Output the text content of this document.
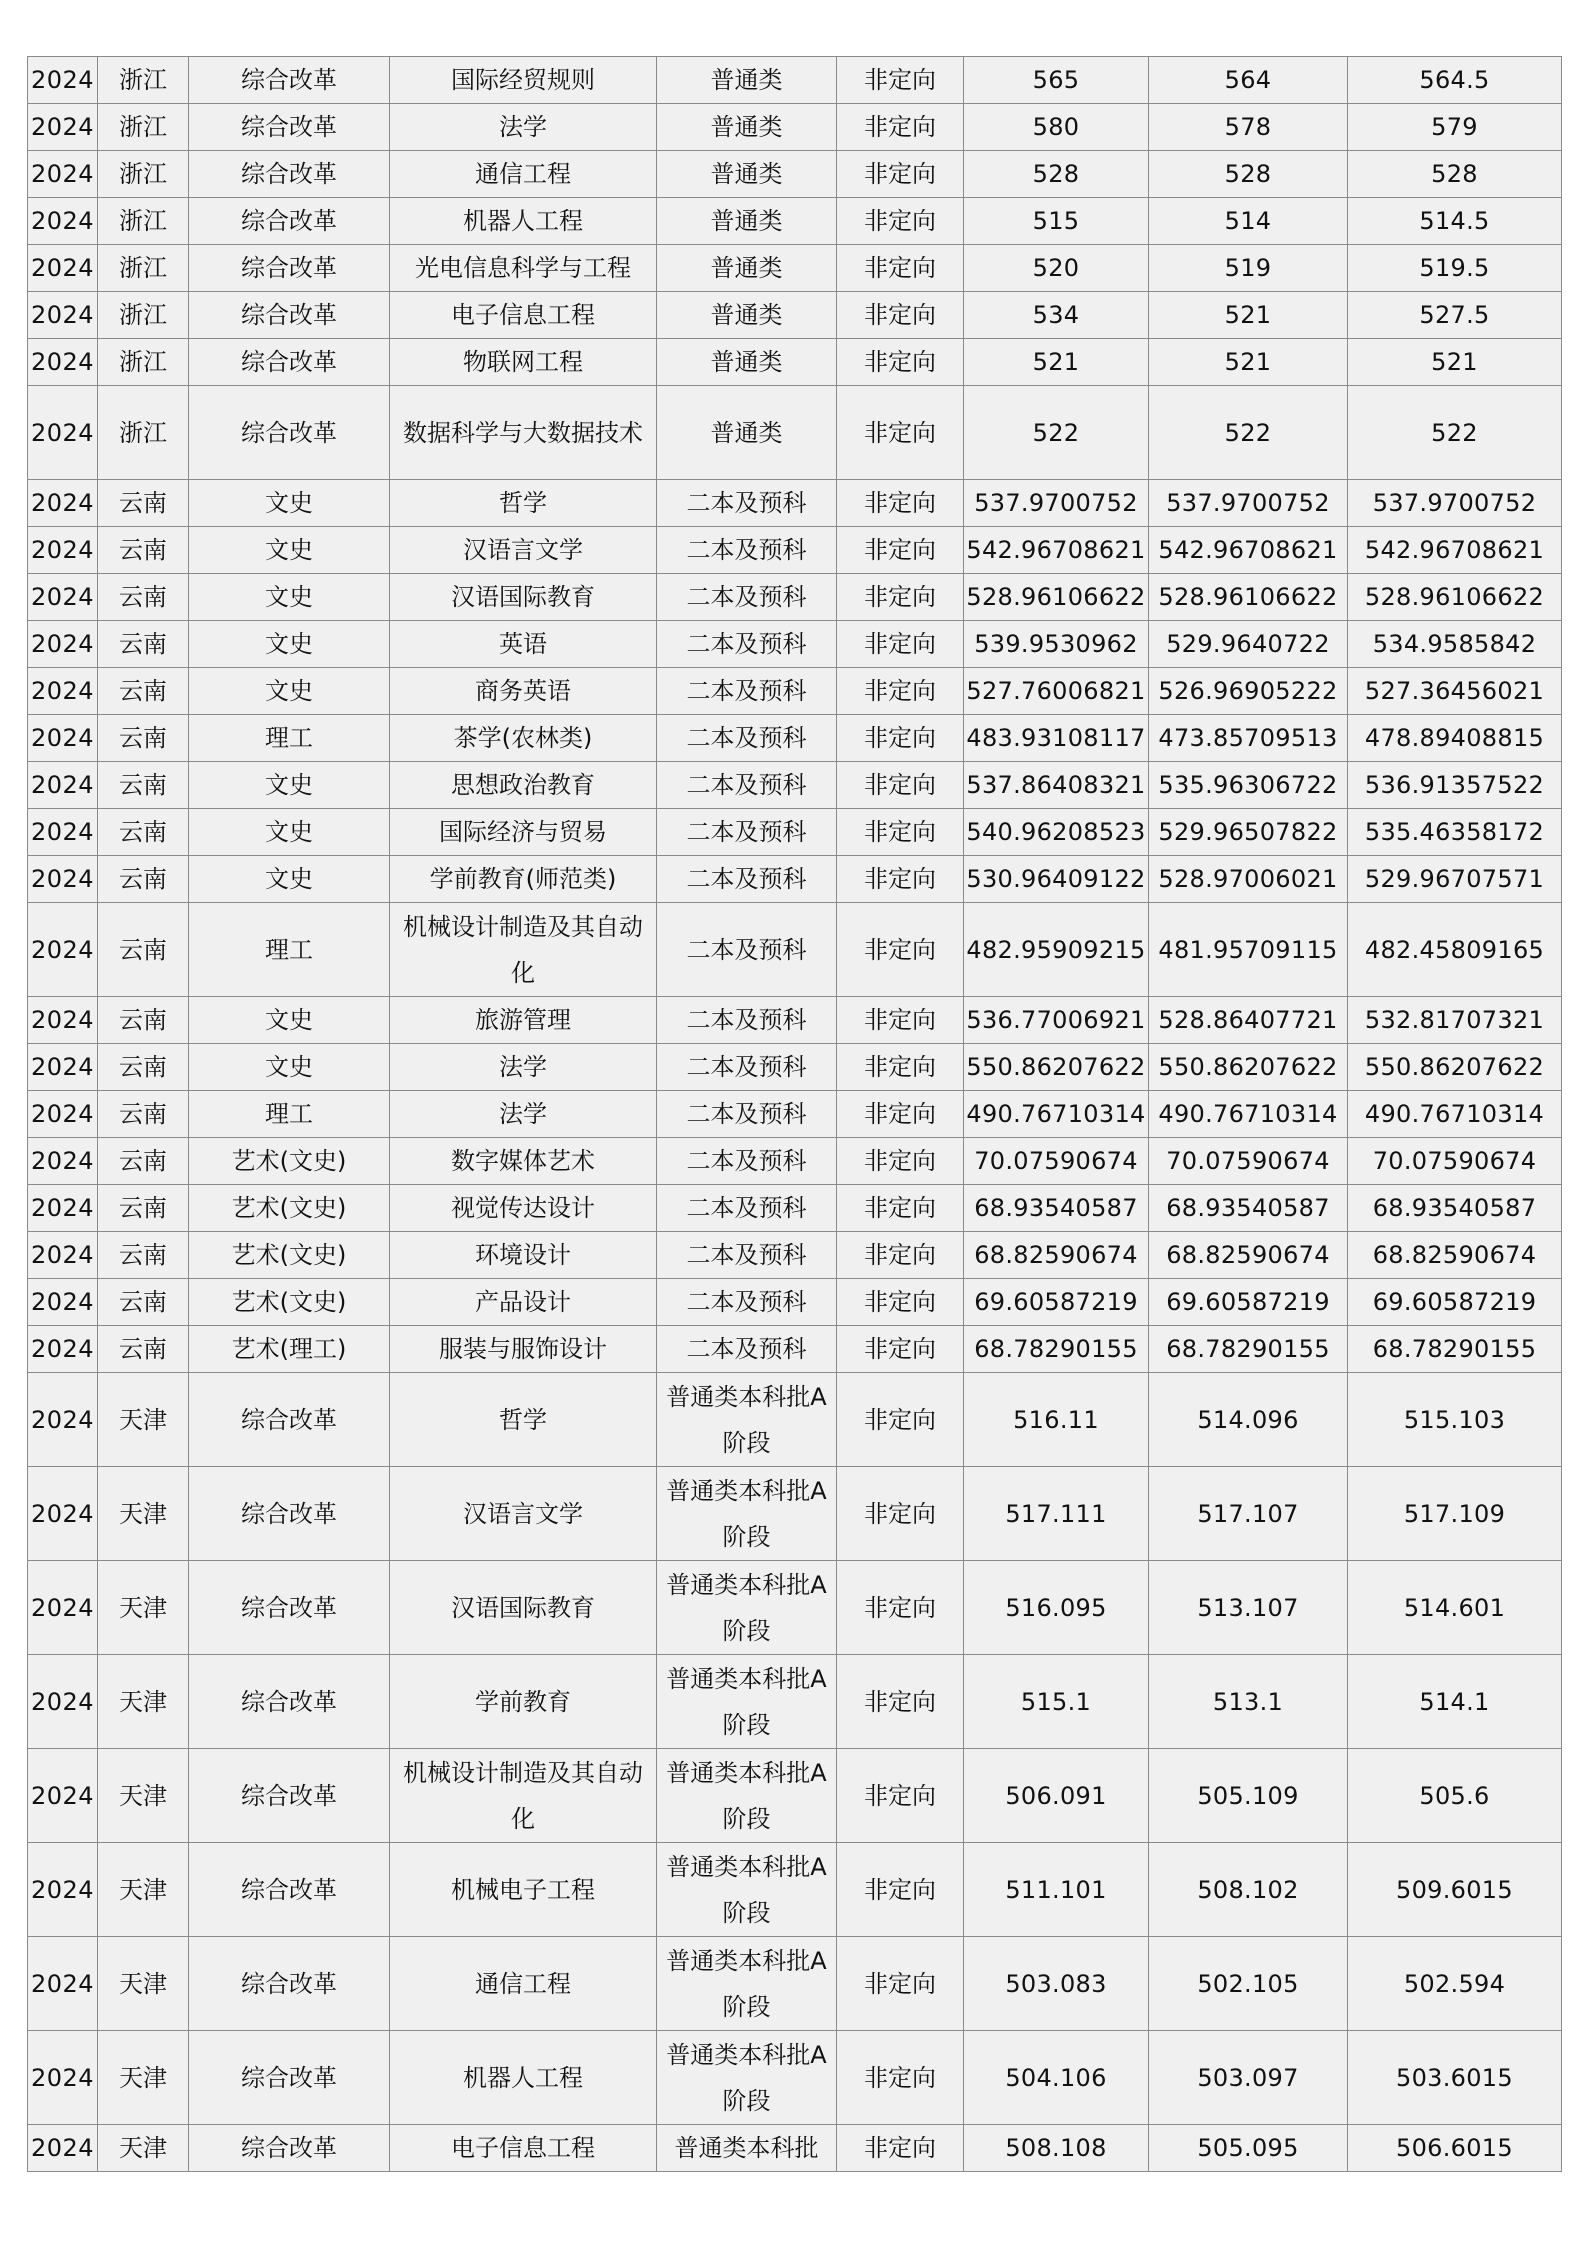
2024	浙江	综合改革	国际经贸规则	普通类	非定向	565	564	564.5
2024	浙江	综合改革	法学	普通类	非定向	580	578	579
2024	浙江	综合改革	通信工程	普通类	非定向	528	528	528
2024	浙江	综合改革	机器人工程	普通类	非定向	515	514	514.5
2024	浙江	综合改革	光电信息科学与工程	普通类	非定向	520	519	519.5
2024	浙江	综合改革	电子信息工程	普通类	非定向	534	521	527.5
2024	浙江	综合改革	物联网工程	普通类	非定向	521	521	521
2024	浙江	综合改革	数据科学与大数据技术	普通类	非定向	522	522	522
2024	云南	文史	哲学	二本及预科	非定向	537.9700752	537.9700752	537.9700752
2024	云南	文史	汉语言文学	二本及预科	非定向	542.96708621	542.96708621	542.96708621
2024	云南	文史	汉语国际教育	二本及预科	非定向	528.96106622	528.96106622	528.96106622
2024	云南	文史	英语	二本及预科	非定向	539.9530962	529.9640722	534.9585842
2024	云南	文史	商务英语	二本及预科	非定向	527.76006821	526.96905222	527.36456021
2024	云南	理工	茶学(农林类)	二本及预科	非定向	483.93108117	473.85709513	478.89408815
2024	云南	文史	思想政治教育	二本及预科	非定向	537.86408321	535.96306722	536.91357522
2024	云南	文史	国际经济与贸易	二本及预科	非定向	540.96208523	529.96507822	535.46358172
2024	云南	文史	学前教育(师范类)	二本及预科	非定向	530.96409122	528.97006021	529.96707571
2024	云南	理工	机械设计制造及其自动化	二本及预科	非定向	482.95909215	481.95709115	482.45809165
2024	云南	文史	旅游管理	二本及预科	非定向	536.77006921	528.86407721	532.81707321
2024	云南	文史	法学	二本及预科	非定向	550.86207622	550.86207622	550.86207622
2024	云南	理工	法学	二本及预科	非定向	490.76710314	490.76710314	490.76710314
2024	云南	艺术(文史)	数字媒体艺术	二本及预科	非定向	70.07590674	70.07590674	70.07590674
2024	云南	艺术(文史)	视觉传达设计	二本及预科	非定向	68.93540587	68.93540587	68.93540587
2024	云南	艺术(文史)	环境设计	二本及预科	非定向	68.82590674	68.82590674	68.82590674
2024	云南	艺术(文史)	产品设计	二本及预科	非定向	69.60587219	69.60587219	69.60587219
2024	云南	艺术(理工)	服装与服饰设计	二本及预科	非定向	68.78290155	68.78290155	68.78290155
2024	天津	综合改革	哲学	普通类本科批A阶段	非定向	516.11	514.096	515.103
2024	天津	综合改革	汉语言文学	普通类本科批A阶段	非定向	517.111	517.107	517.109
2024	天津	综合改革	汉语国际教育	普通类本科批A阶段	非定向	516.095	513.107	514.601
2024	天津	综合改革	学前教育	普通类本科批A阶段	非定向	515.1	513.1	514.1
2024	天津	综合改革	机械设计制造及其自动化	普通类本科批A阶段	非定向	506.091	505.109	505.6
2024	天津	综合改革	机械电子工程	普通类本科批A阶段	非定向	511.101	508.102	509.6015
2024	天津	综合改革	通信工程	普通类本科批A阶段	非定向	503.083	502.105	502.594
2024	天津	综合改革	机器人工程	普通类本科批A阶段	非定向	504.106	503.097	503.6015
2024	天津	综合改革	电子信息工程	普通类本科批	非定向	508.108	505.095	506.6015
